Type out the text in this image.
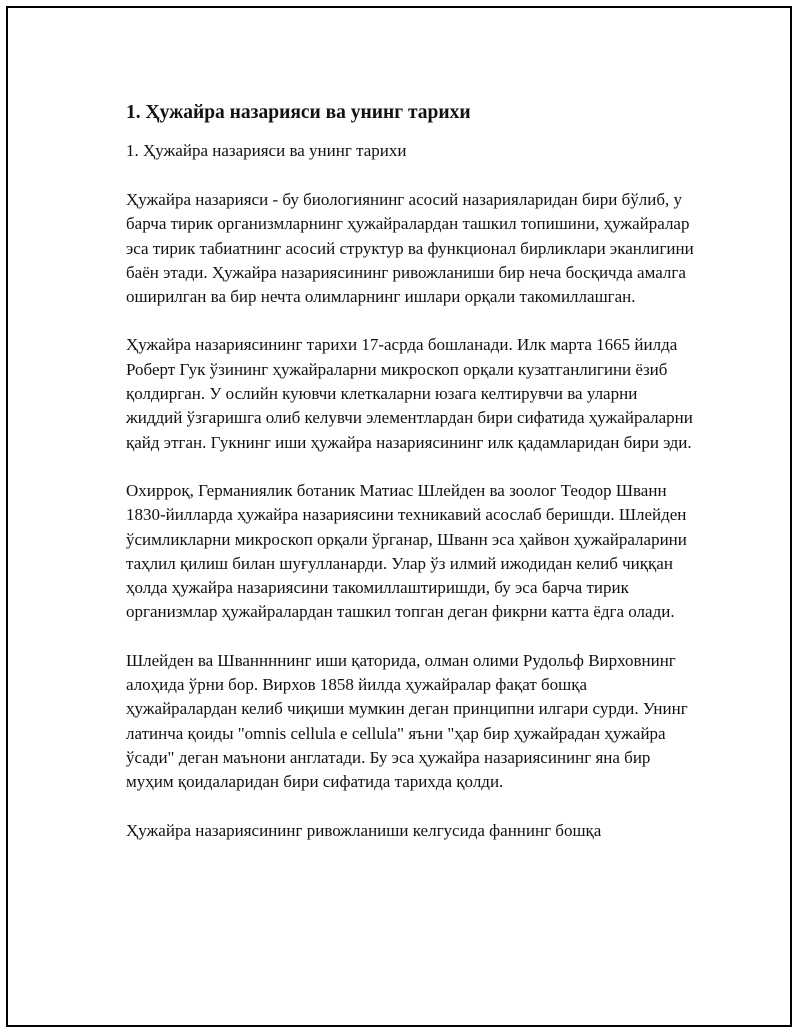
1. Ҳужайра назарияси ва унинг тарихи
1. Ҳужайра назарияси ва унинг тарихи

Ҳужайра назарияси - бу биологиянинг асосий назарияларидан бири бўлиб, у барча тирик организмларнинг ҳужайралардан ташкил топишини, ҳужайралар эса тирик табиатнинг асосий структур ва функционал бирликлари эканлигини баён этади. Ҳужайра назариясининг ривожланиши бир неча босқичда амалга оширилган ва бир нечта олимларнинг ишлари орқали такомиллашган.

Ҳужайра назариясининг тарихи 17-асрда бошланади. Илк марта 1665 йилда Роберт Гук ўзининг ҳужайраларни микроскоп орқали кузатганлигини ёзиб қолдирган. У ослийн куювчи клеткаларни юзага келтирувчи ва уларни жиддий ўзгаришга олиб келувчи элементлардан бири сифатида ҳужайраларни қайд этган. Гукнинг иши ҳужайра назариясининг илк қадамларидан бири эди.

Охирроқ, Германиялик ботаник Матиас Шлейден ва зоолог Теодор Шванн 1830-йилларда ҳужайра назариясини техникавий асослаб беришди. Шлейден ўсимликларни микроскоп орқали ўрганар, Шванн эса ҳайвон ҳужайраларини таҳлил қилиш билан шуғулланарди. Улар ўз илмий ижодидан келиб чиққан ҳолда ҳужайра назариясини такомиллаштиришди, бу эса барча тирик организмлар ҳужайралардан ташкил топган деган фикрни катта ёдга олади.

Шлейден ва Шваннннинг иши қаторида, олман олими Рудольф Вирховнинг алоҳида ўрни бор. Вирхов 1858 йилда ҳужайралар фақат бошқа ҳужайралардан келиб чиқиши мумкин деган принципни илгари сурди. Унинг латинча қоиды "omnis cellula e cellula" яъни "ҳар бир ҳужайрадан ҳужайра ўсади" деган маънони англатади. Бу эса ҳужайра назариясининг яна бир муҳим қоидаларидан бири сифатида тарихда қолди.

Ҳужайра назариясининг ривожланиши келгусида фаннинг бошқа
